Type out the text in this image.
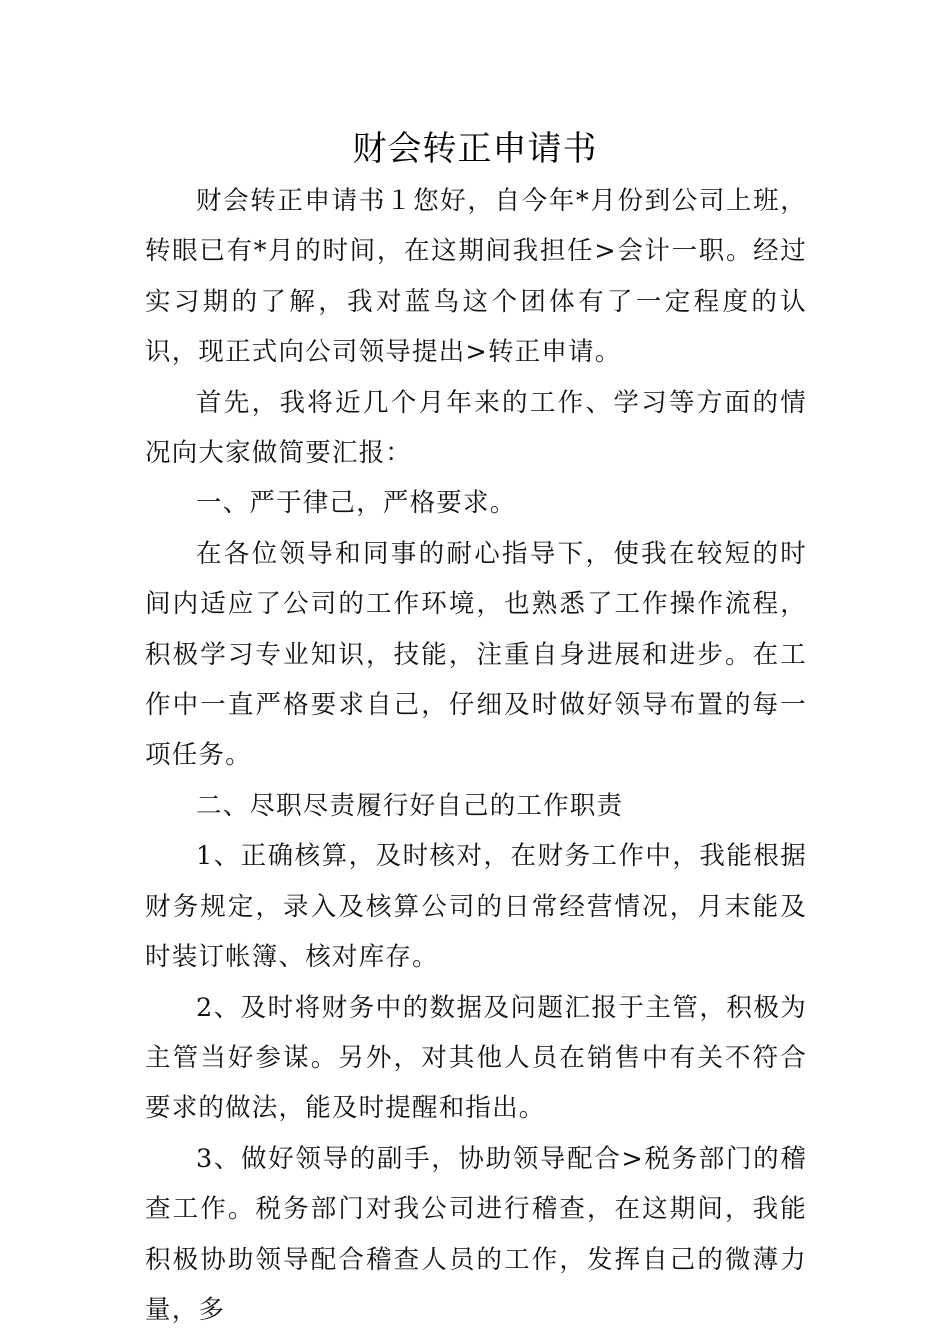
财会转正申请书

财会转正申请书１您好，自今年*月份到公司上班，转眼已有*月的时间，在这期间我担任>会计一职。经过实习期的了解，我对蓝鸟这个团体有了一定程度的认识，现正式向公司领导提出>转正申请。

首先，我将近几个月年来的工作、学习等方面的情况向大家做简要汇报：

一、严于律己，严格要求。

在各位领导和同事的耐心指导下，使我在较短的时间内适应了公司的工作环境，也熟悉了工作操作流程，积极学习专业知识，技能，注重自身进展和进步。在工作中一直严格要求自己，仔细及时做好领导布置的每一项任务。

二、尽职尽责履行好自己的工作职责

1、正确核算，及时核对，在财务工作中，我能根据财务规定，录入及核算公司的日常经营情况，月末能及时装订帐簿、核对库存。

2、及时将财务中的数据及问题汇报于主管，积极为主管当好参谋。另外，对其他人员在销售中有关不符合要求的做法，能及时提醒和指出。

3、做好领导的副手，协助领导配合>税务部门的稽查工作。税务部门对我公司进行稽查，在这期间，我能积极协助领导配合稽查人员的工作，发挥自己的微薄力量，多
